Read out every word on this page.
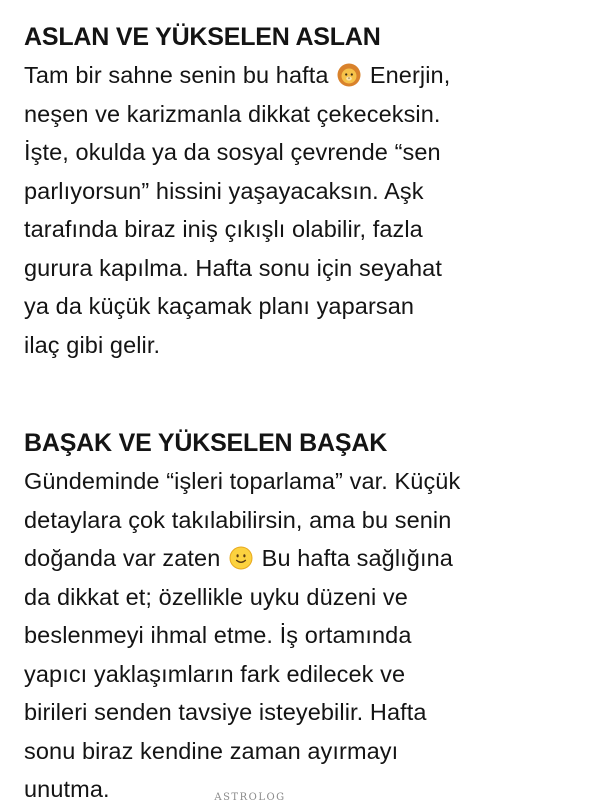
ASLAN VE YÜKSELEN ASLAN

Tam bir sahne senin bu hafta Enerjin,
neşen ve karizmanla dikkat çekeceksin.
İşte, okulda ya da sosyal çevrende “sen
parlıyorsun” hissini yaşayacaksın. Aşk
tarafında biraz iniş çıkışlı olabilir, fazla
gurura kapılma. Hafta sonu için seyahat
ya da küçük kaçamak planı yaparsan
ilaç gibi gelir.

BAŞAK VE YÜKSELEN BAŞAK

Gündeminde “işleri toparlama” var. Küçük
detaylara çok takılabilirsin, ama bu senin
doğanda var zaten Bu hafta sağlığına
da dikkat et; özellikle uyku düzeni ve
beslenmeyi ihmal etme. İş ortamında
yapıcı yaklaşımların fark edilecek ve
birileri senden tavsiye isteyebilir. Hafta
sonu biraz kendine zaman ayırmayı
unutma.	ASTROLOG
